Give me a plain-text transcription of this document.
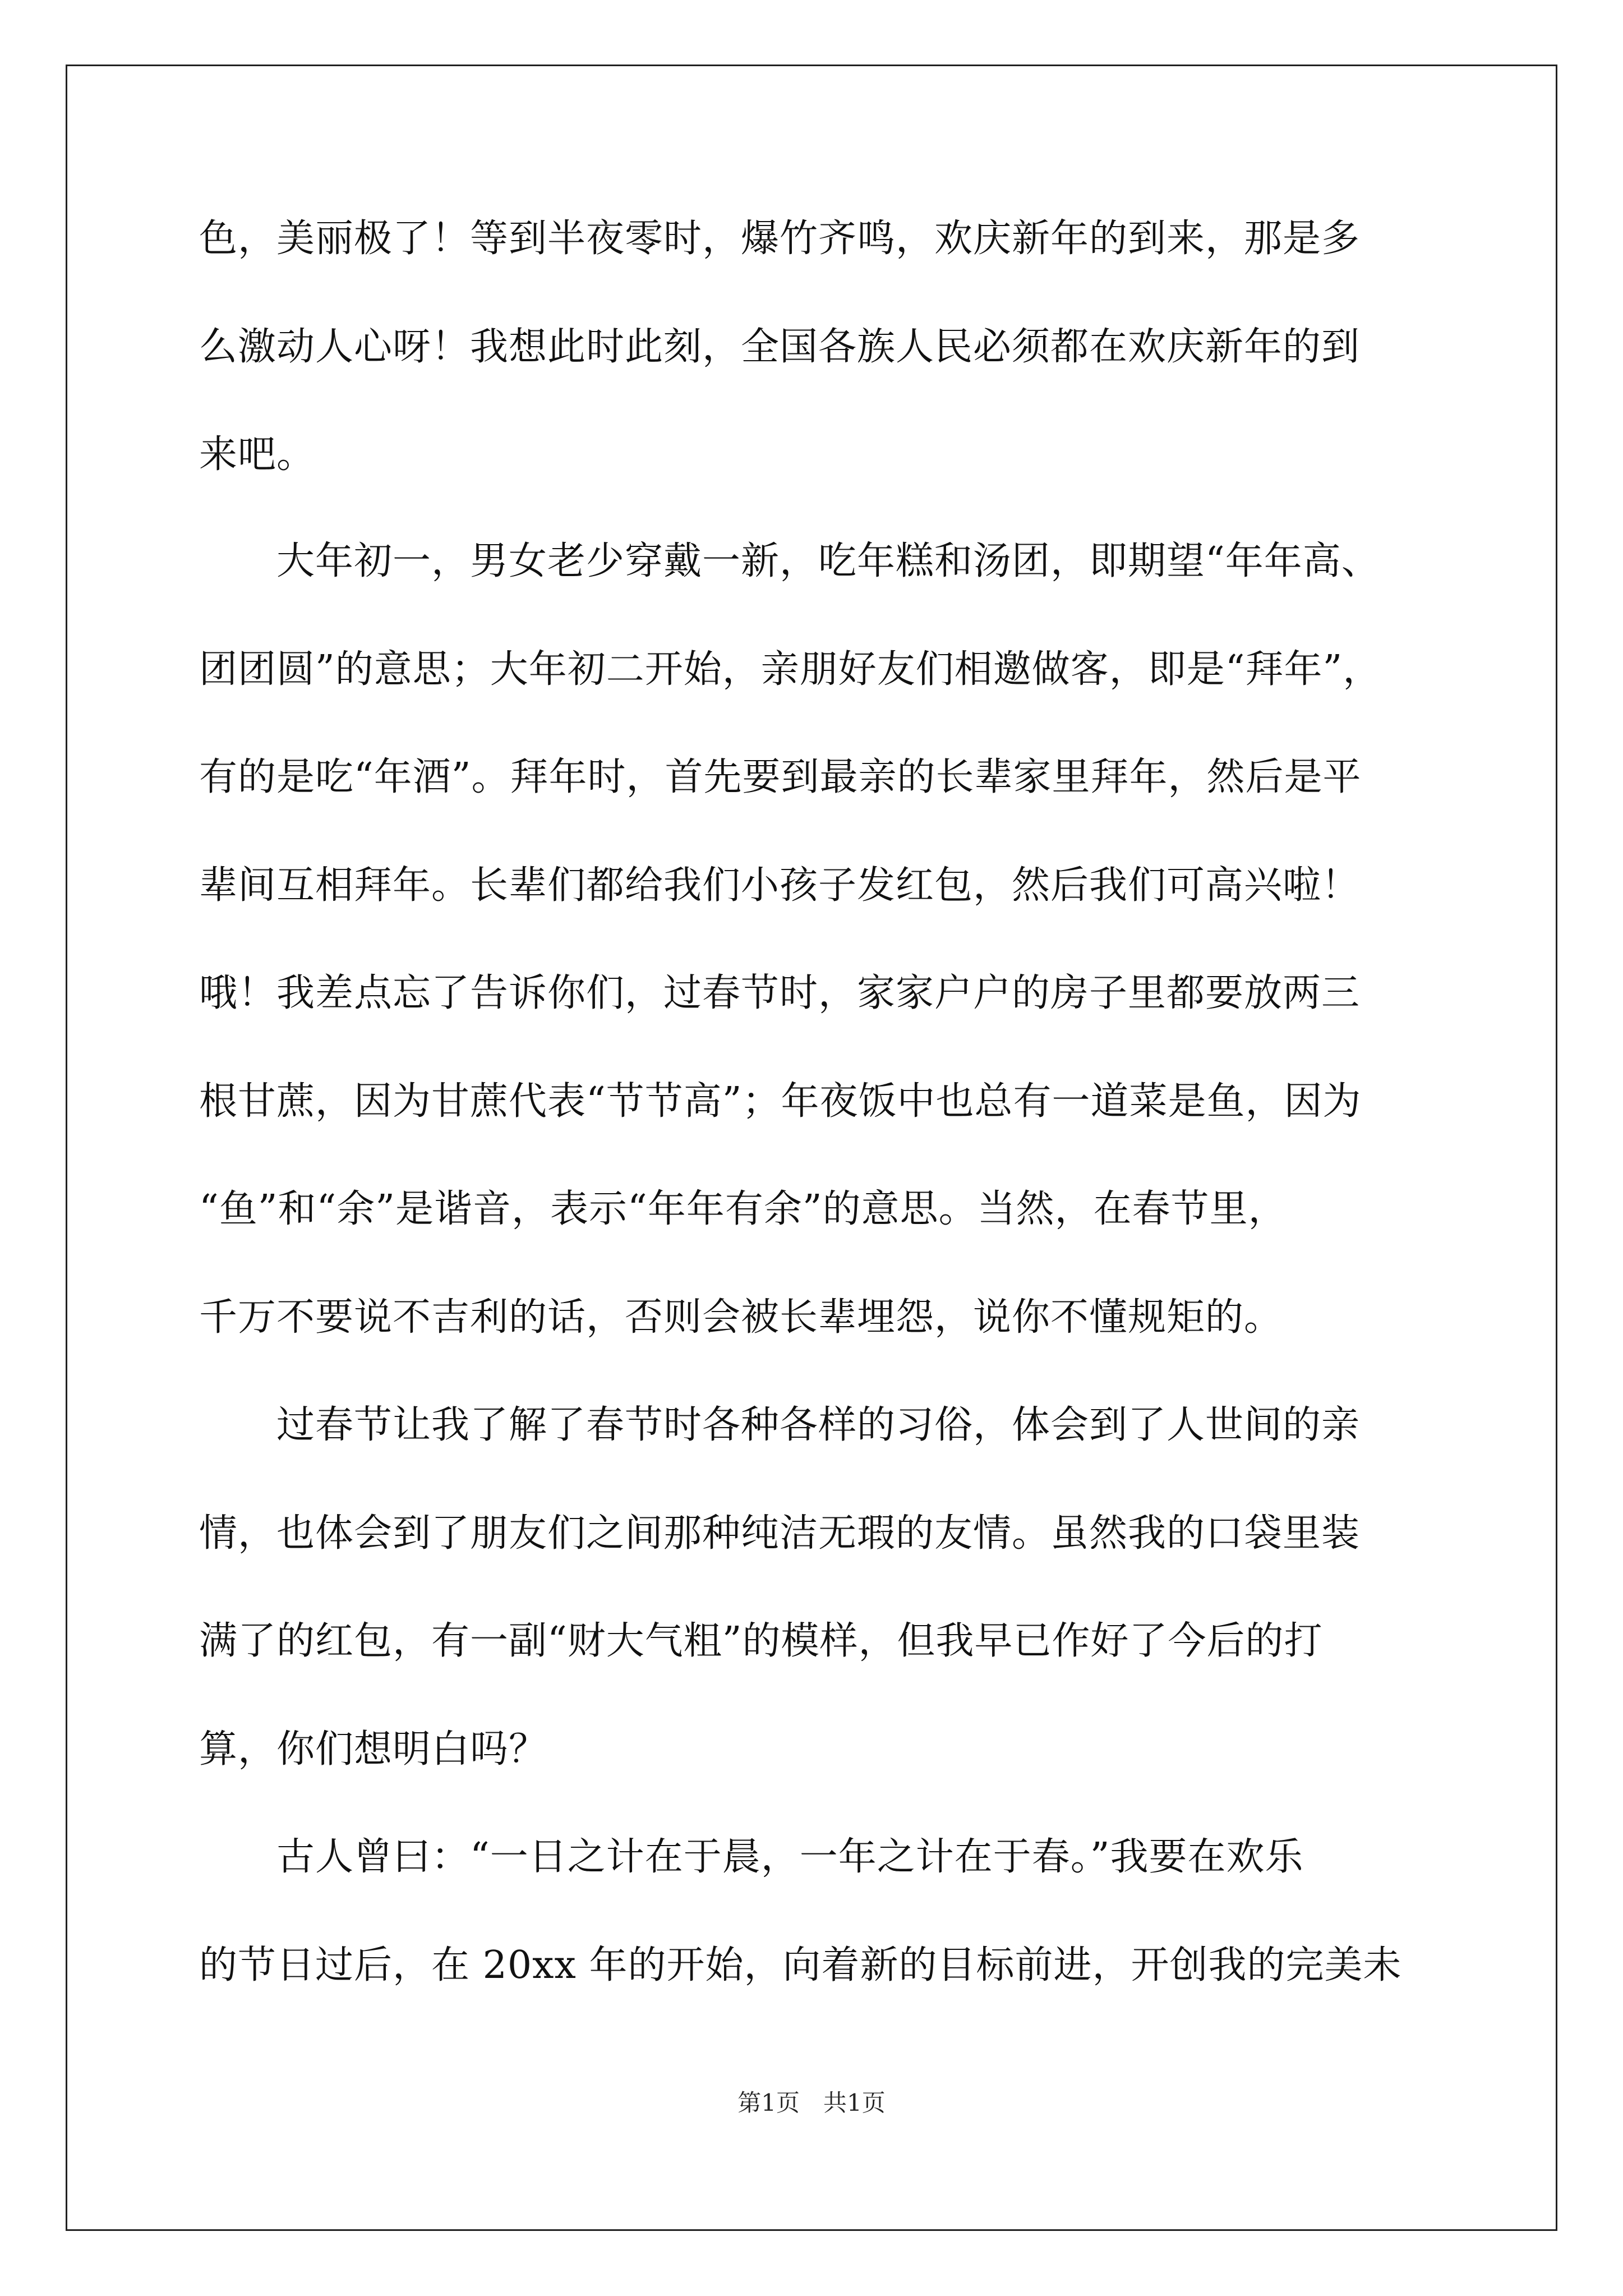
色，美丽极了！等到半夜零时，爆竹齐鸣，欢庆新年的到来，那是多

么激动人心呀！我想此时此刻，全国各族人民必须都在欢庆新年的到

来吧。

　　大年初一，男女老少穿戴一新，吃年糕和汤团，即期望“年年高、

团团圆”的意思；大年初二开始，亲朋好友们相邀做客，即是“拜年”，

有的是吃“年酒”。拜年时，首先要到最亲的长辈家里拜年，然后是平

辈间互相拜年。长辈们都给我们小孩子发红包，然后我们可高兴啦！

哦！我差点忘了告诉你们，过春节时，家家户户的房子里都要放两三

根甘蔗，因为甘蔗代表“节节高”；年夜饭中也总有一道菜是鱼，因为

“鱼”和“余”是谐音，表示“年年有余”的意思。当然，在春节里，

千万不要说不吉利的话，否则会被长辈埋怨，说你不懂规矩的。

　　过春节让我了解了春节时各种各样的习俗，体会到了人世间的亲

情，也体会到了朋友们之间那种纯洁无瑕的友情。虽然我的口袋里装

满了的红包，有一副“财大气粗”的模样，但我早已作好了今后的打

算，你们想明白吗？

　　古人曾曰：“一日之计在于晨，一年之计在于春。”我要在欢乐

的节日过后，在 20xx 年的开始，向着新的目标前进，开创我的完美未

第1页　共1页
